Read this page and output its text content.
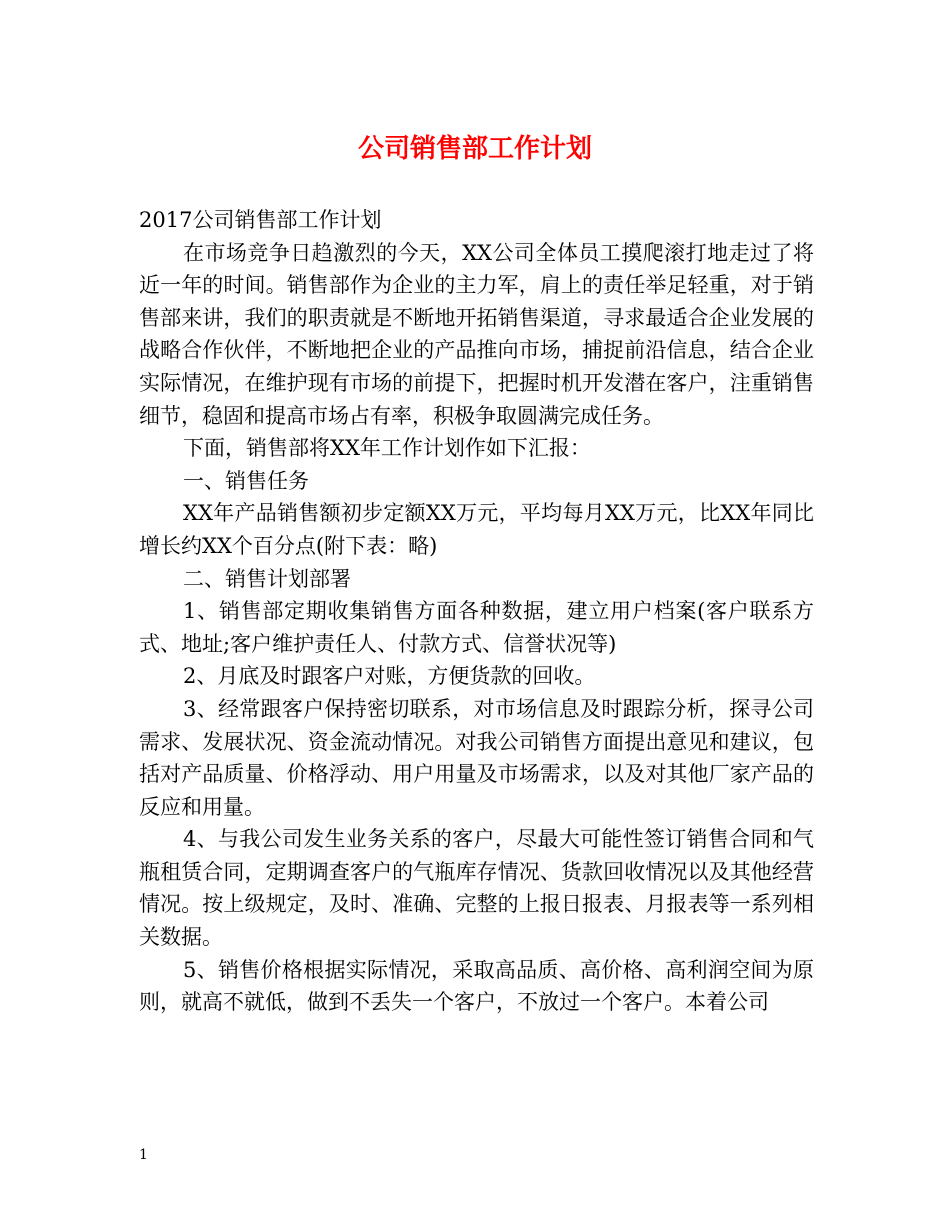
公司销售部工作计划

2017公司销售部工作计划

在市场竞争日趋激烈的今天，XX公司全体员工摸爬滚打地走过了将近一年的时间。销售部作为企业的主力军，肩上的责任举足轻重，对于销售部来讲，我们的职责就是不断地开拓销售渠道，寻求最适合企业发展的战略合作伙伴，不断地把企业的产品推向市场，捕捉前沿信息，结合企业实际情况，在维护现有市场的前提下，把握时机开发潜在客户，注重销售细节，稳固和提高市场占有率，积极争取圆满完成任务。

下面，销售部将XX年工作计划作如下汇报：

一、销售任务

XX年产品销售额初步定额XX万元，平均每月XX万元，比XX年同比增长约XX个百分点(附下表：略)

二、销售计划部署

1、销售部定期收集销售方面各种数据，建立用户档案(客户联系方式、地址;客户维护责任人、付款方式、信誉状况等)

2、月底及时跟客户对账，方便货款的回收。

3、经常跟客户保持密切联系，对市场信息及时跟踪分析，探寻公司需求、发展状况、资金流动情况。对我公司销售方面提出意见和建议，包括对产品质量、价格浮动、用户用量及市场需求，以及对其他厂家产品的反应和用量。

4、与我公司发生业务关系的客户，尽最大可能性签订销售合同和气瓶租赁合同，定期调查客户的气瓶库存情况、货款回收情况以及其他经营情况。按上级规定，及时、准确、完整的上报日报表、月报表等一系列相关数据。

5、销售价格根据实际情况，采取高品质、高价格、高利润空间为原则，就高不就低，做到不丢失一个客户，不放过一个客户。本着公司

1
